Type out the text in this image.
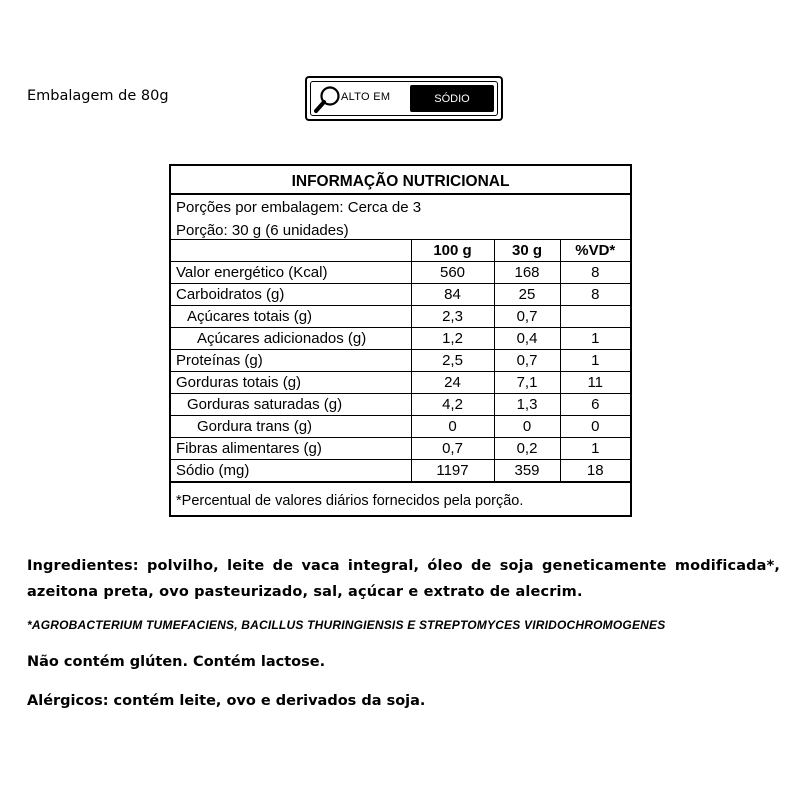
Embalagem de 80g	ALTO EM	SÓDIO
INFORMAÇÃO NUTRICIONAL
Porções por embalagem: Cerca de 3
Porção: 30 g (6 unidades)
	100 g	30 g	%VD*
Valor energético (Kcal)	560	168	8
Carboidratos (g)	84	25	8
Açúcares totais (g)	2,3	0,7	
Açúcares adicionados (g)	1,2	0,4	1
Proteínas (g)	2,5	0,7	1
Gorduras totais (g)	24	7,1	11
Gorduras saturadas (g)	4,2	1,3	6
Gordura trans (g)	0	0	0
Fibras alimentares (g)	0,7	0,2	1
Sódio (mg)	1197	359	18
*Percentual de valores diários fornecidos pela porção.
Ingredientes: polvilho, leite de vaca integral, óleo de soja geneticamente modificada*, azeitona preta, ovo pasteurizado, sal, açúcar e extrato de alecrim.
*AGROBACTERIUM TUMEFACIENS, BACILLUS THURINGIENSIS E STREPTOMYCES VIRIDOCHROMOGENES
Não contém glúten. Contém lactose.
Alérgicos: contém leite, ovo e derivados da soja.
